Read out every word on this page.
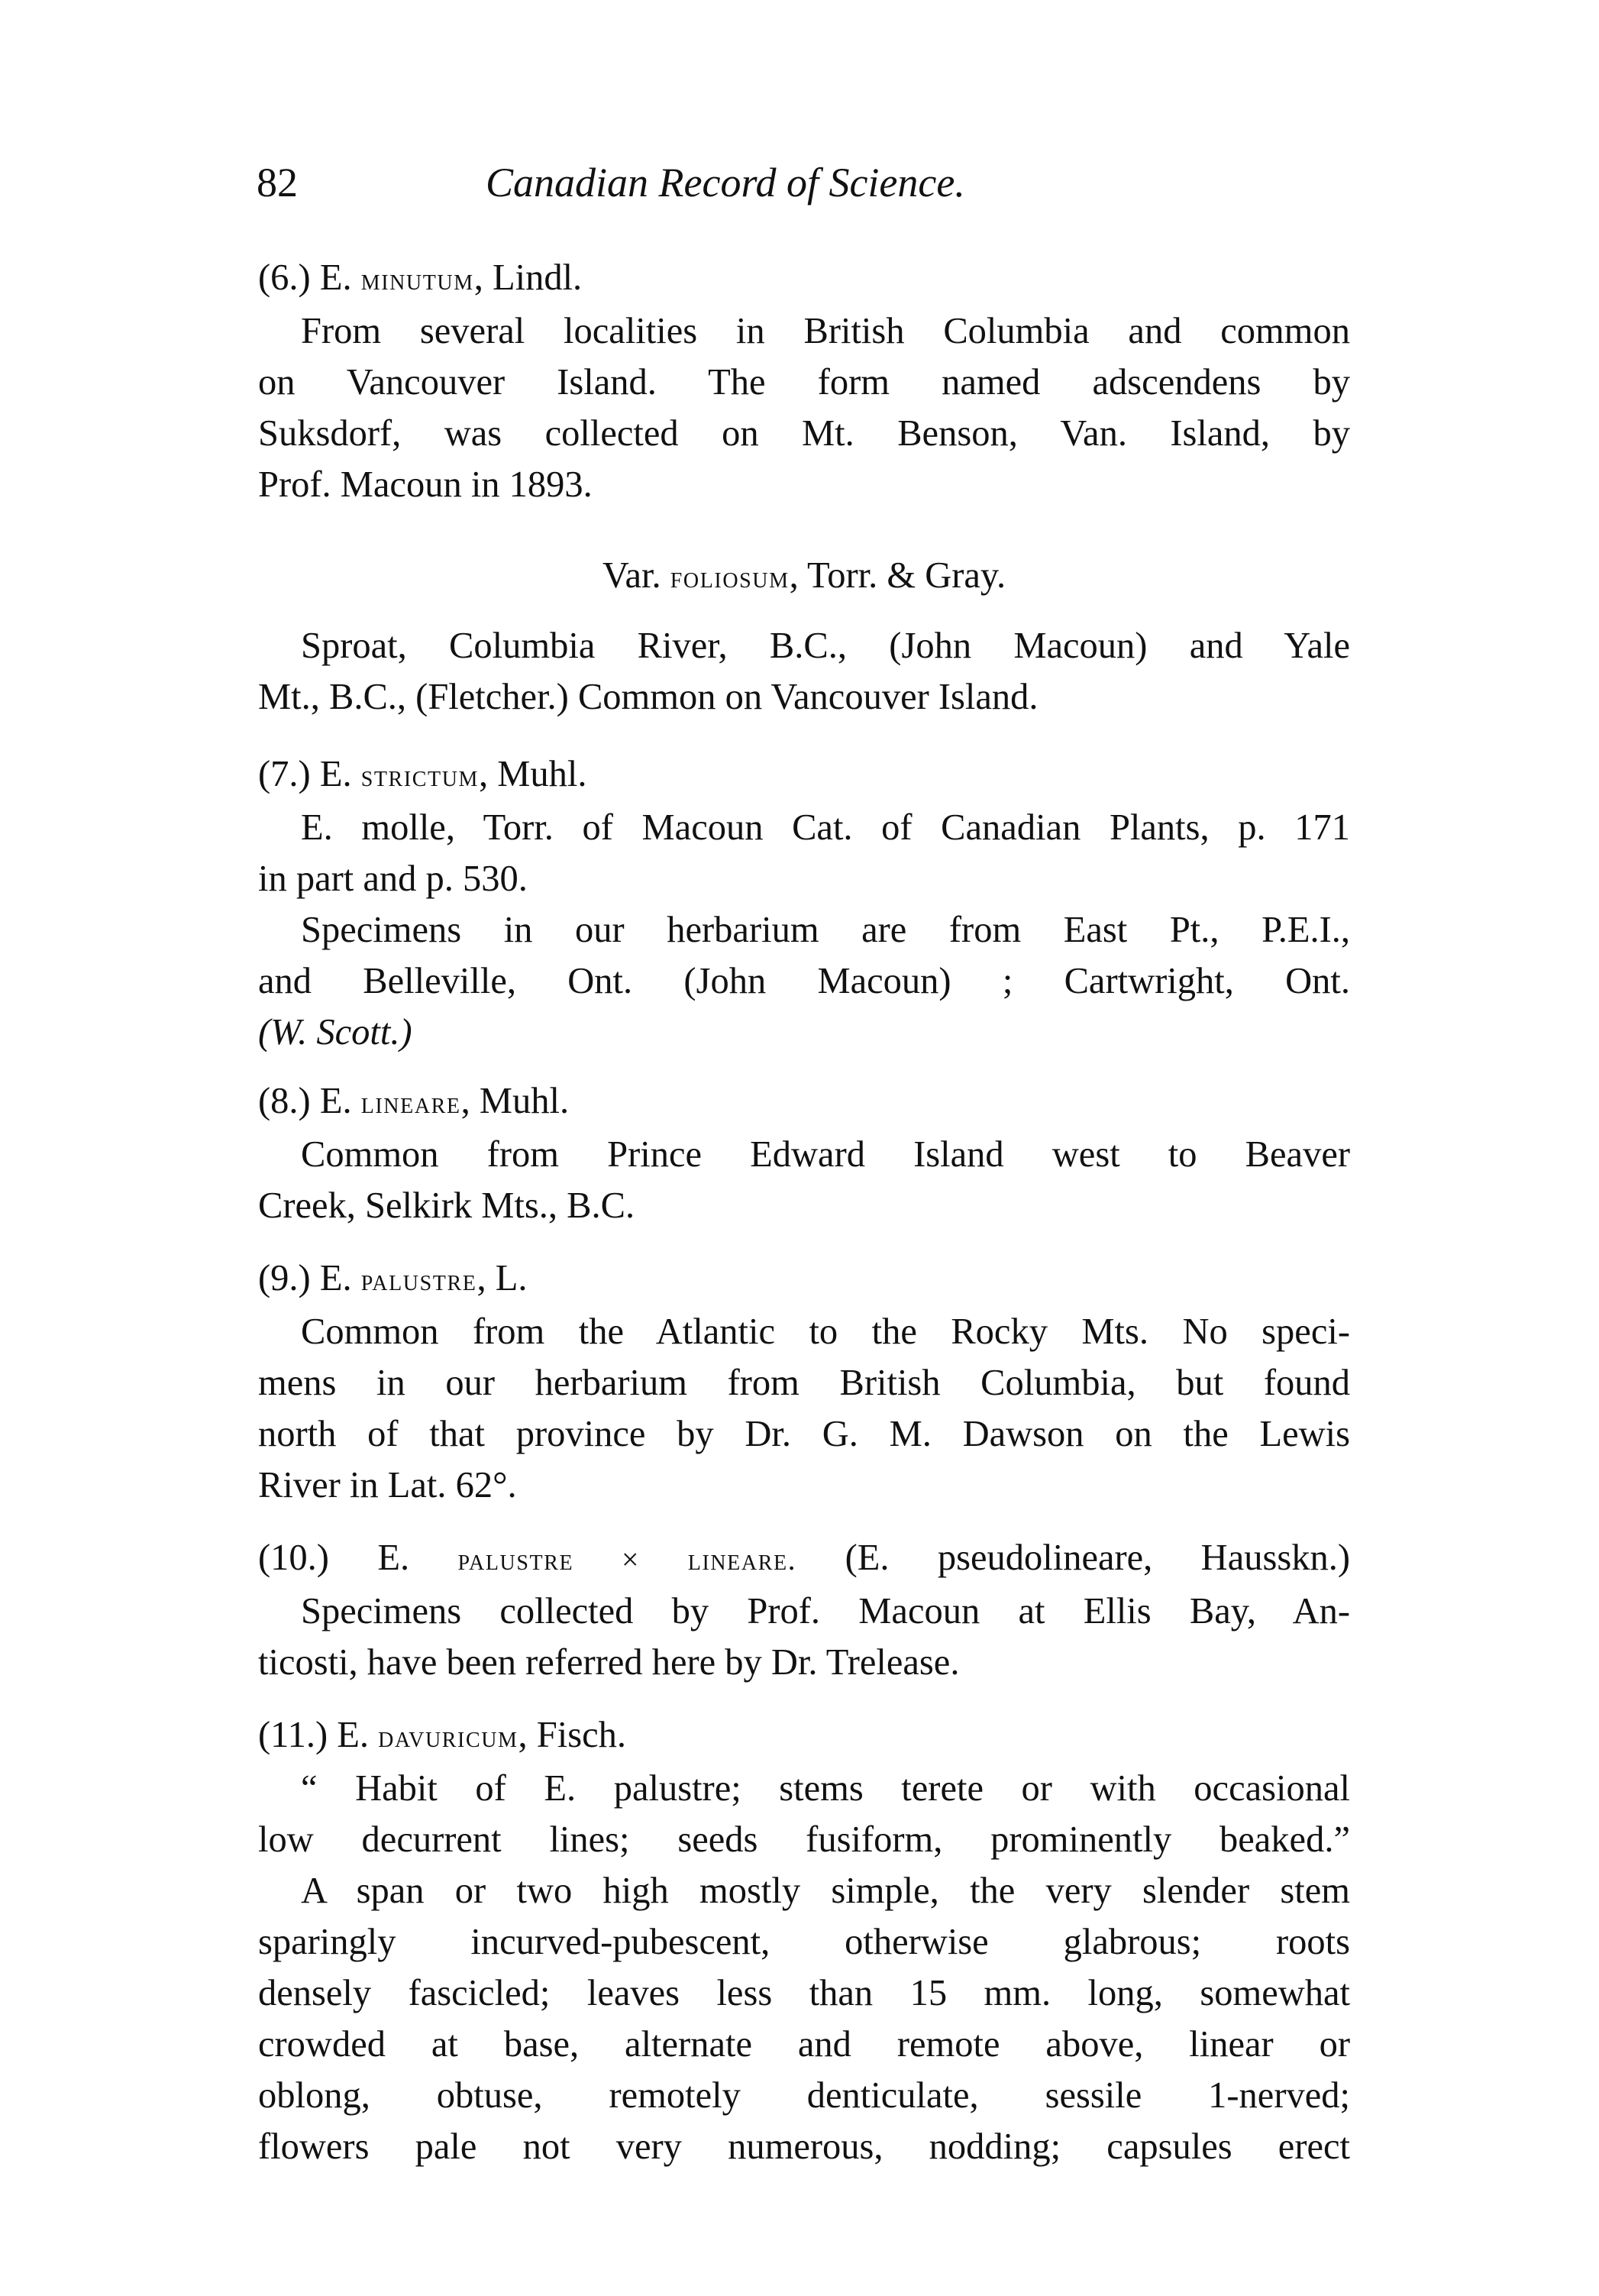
82	Canadian Record of Science.
(6.) E. minutum, Lindl.
From several localities in British Columbia and common
on Vancouver Island. The form named adscendens by
Suksdorf, was collected on Mt. Benson, Van. Island, by
Prof. Macoun in 1893.
Var. foliosum, Torr. & Gray.
Sproat, Columbia River, B.C., (John Macoun) and Yale
Mt., B.C., (Fletcher.) Common on Vancouver Island.
(7.) E. strictum, Muhl.
E. molle, Torr. of Macoun Cat. of Canadian Plants, p. 171
in part and p. 530.
Specimens in our herbarium are from East Pt., P.E.I.,
and Belleville, Ont. (John Macoun) ; Cartwright, Ont.
(W. Scott.)
(8.) E. lineare, Muhl.
Common from Prince Edward Island west to Beaver
Creek, Selkirk Mts., B.C.
(9.) E. palustre, L.
Common from the Atlantic to the Rocky Mts. No speci-
mens in our herbarium from British Columbia, but found
north of that province by Dr. G. M. Dawson on the Lewis
River in Lat. 62°.
(10.) E. palustre × lineare. (E. pseudolineare, Hausskn.)
Specimens collected by Prof. Macoun at Ellis Bay, An-
ticosti, have been referred here by Dr. Trelease.
(11.) E. davuricum, Fisch.
“ Habit of E. palustre; stems terete or with occasional
low decurrent lines; seeds fusiform, prominently beaked.”
A span or two high mostly simple, the very slender stem
sparingly incurved-pubescent, otherwise glabrous; roots
densely fascicled; leaves less than 15 mm. long, somewhat
crowded at base, alternate and remote above, linear or
oblong, obtuse, remotely denticulate, sessile 1-nerved;
flowers pale not very numerous, nodding; capsules erect
